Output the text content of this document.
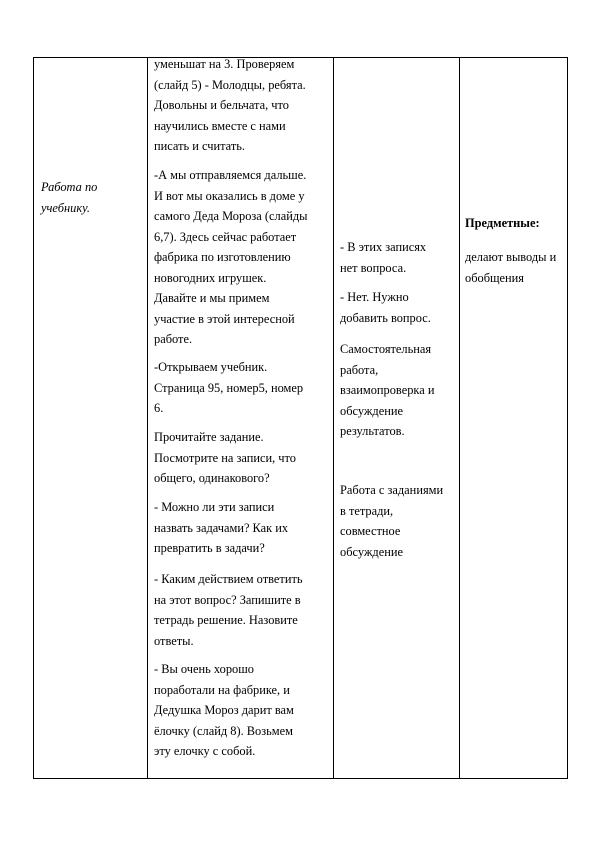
Работа по

учебнику.

уменьшат на 3. Проверяем

(слайд 5) - Молодцы, ребята.

Довольны и бельчата, что

научились вместе с нами

писать и считать.

-А мы отправляемся дальше.

И вот мы оказались в доме у

самого Деда Мороза (слайды

6,7). Здесь сейчас работает

фабрика по изготовлению

новогодних игрушек.

Давайте и мы примем

участие в этой интересной

работе.

-Открываем учебник.

Страница 95, номер5, номер

6.

Прочитайте задание.

Посмотрите на записи, что

общего, одинакового?

- Можно ли эти записи

назвать задачами? Как их

превратить в задачи?

- Каким действием ответить

на этот вопрос? Запишите в

тетрадь решение. Назовите

ответы.

- Вы очень хорошо

поработали на фабрике, и

Дедушка Мороз дарит вам

ёлочку (слайд 8). Возьмем

эту елочку с собой.

- В этих записях

нет вопроса.

- Нет. Нужно

добавить вопрос.

Самостоятельная

работа,

взаимопроверка и

обсуждение

результатов.

Работа с заданиями

в тетради,

совместное

обсуждение

Предметные:

делают выводы и

обобщения
